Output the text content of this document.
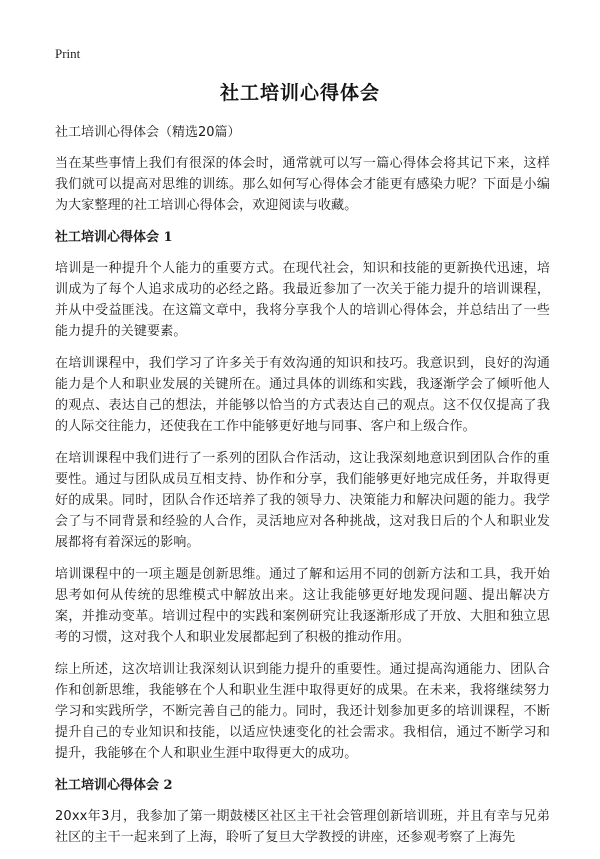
Print
社工培训心得体会
社工培训心得体会（精选20篇）

当在某些事情上我们有很深的体会时，通常就可以写一篇心得体会将其记下来，这样我们就可以提高对思维的训练。那么如何写心得体会才能更有感染力呢？下面是小编为大家整理的社工培训心得体会，欢迎阅读与收藏。

社工培训心得体会 1

培训是一种提升个人能力的重要方式。在现代社会，知识和技能的更新换代迅速，培训成为了每个人追求成功的必经之路。我最近参加了一次关于能力提升的培训课程，并从中受益匪浅。在这篇文章中，我将分享我个人的培训心得体会，并总结出了一些能力提升的关键要素。

在培训课程中，我们学习了许多关于有效沟通的知识和技巧。我意识到，良好的沟通能力是个人和职业发展的关键所在。通过具体的训练和实践，我逐渐学会了倾听他人的观点、表达自己的想法，并能够以恰当的方式表达自己的观点。这不仅仅提高了我的人际交往能力，还使我在工作中能够更好地与同事、客户和上级合作。

在培训课程中我们进行了一系列的团队合作活动，这让我深刻地意识到团队合作的重要性。通过与团队成员互相支持、协作和分享，我们能够更好地完成任务，并取得更好的成果。同时，团队合作还培养了我的领导力、决策能力和解决问题的能力。我学会了与不同背景和经验的人合作，灵活地应对各种挑战，这对我日后的个人和职业发展都将有着深远的影响。

培训课程中的一项主题是创新思维。通过了解和运用不同的创新方法和工具，我开始思考如何从传统的思维模式中解放出来。这让我能够更好地发现问题、提出解决方案，并推动变革。培训过程中的实践和案例研究让我逐渐形成了开放、大胆和独立思考的习惯，这对我个人和职业发展都起到了积极的推动作用。

综上所述，这次培训让我深刻认识到能力提升的重要性。通过提高沟通能力、团队合作和创新思维，我能够在个人和职业生涯中取得更好的成果。在未来，我将继续努力学习和实践所学，不断完善自己的能力。同时，我还计划参加更多的培训课程，不断提升自己的专业知识和技能，以适应快速变化的社会需求。我相信，通过不断学习和提升，我能够在个人和职业生涯中取得更大的成功。

社工培训心得体会 2

20xx年3月，我参加了第一期鼓楼区社区主干社会管理创新培训班，并且有幸与兄弟社区的主干一起来到了上海，聆听了复旦大学教授的讲座，还参观考察了上海先
